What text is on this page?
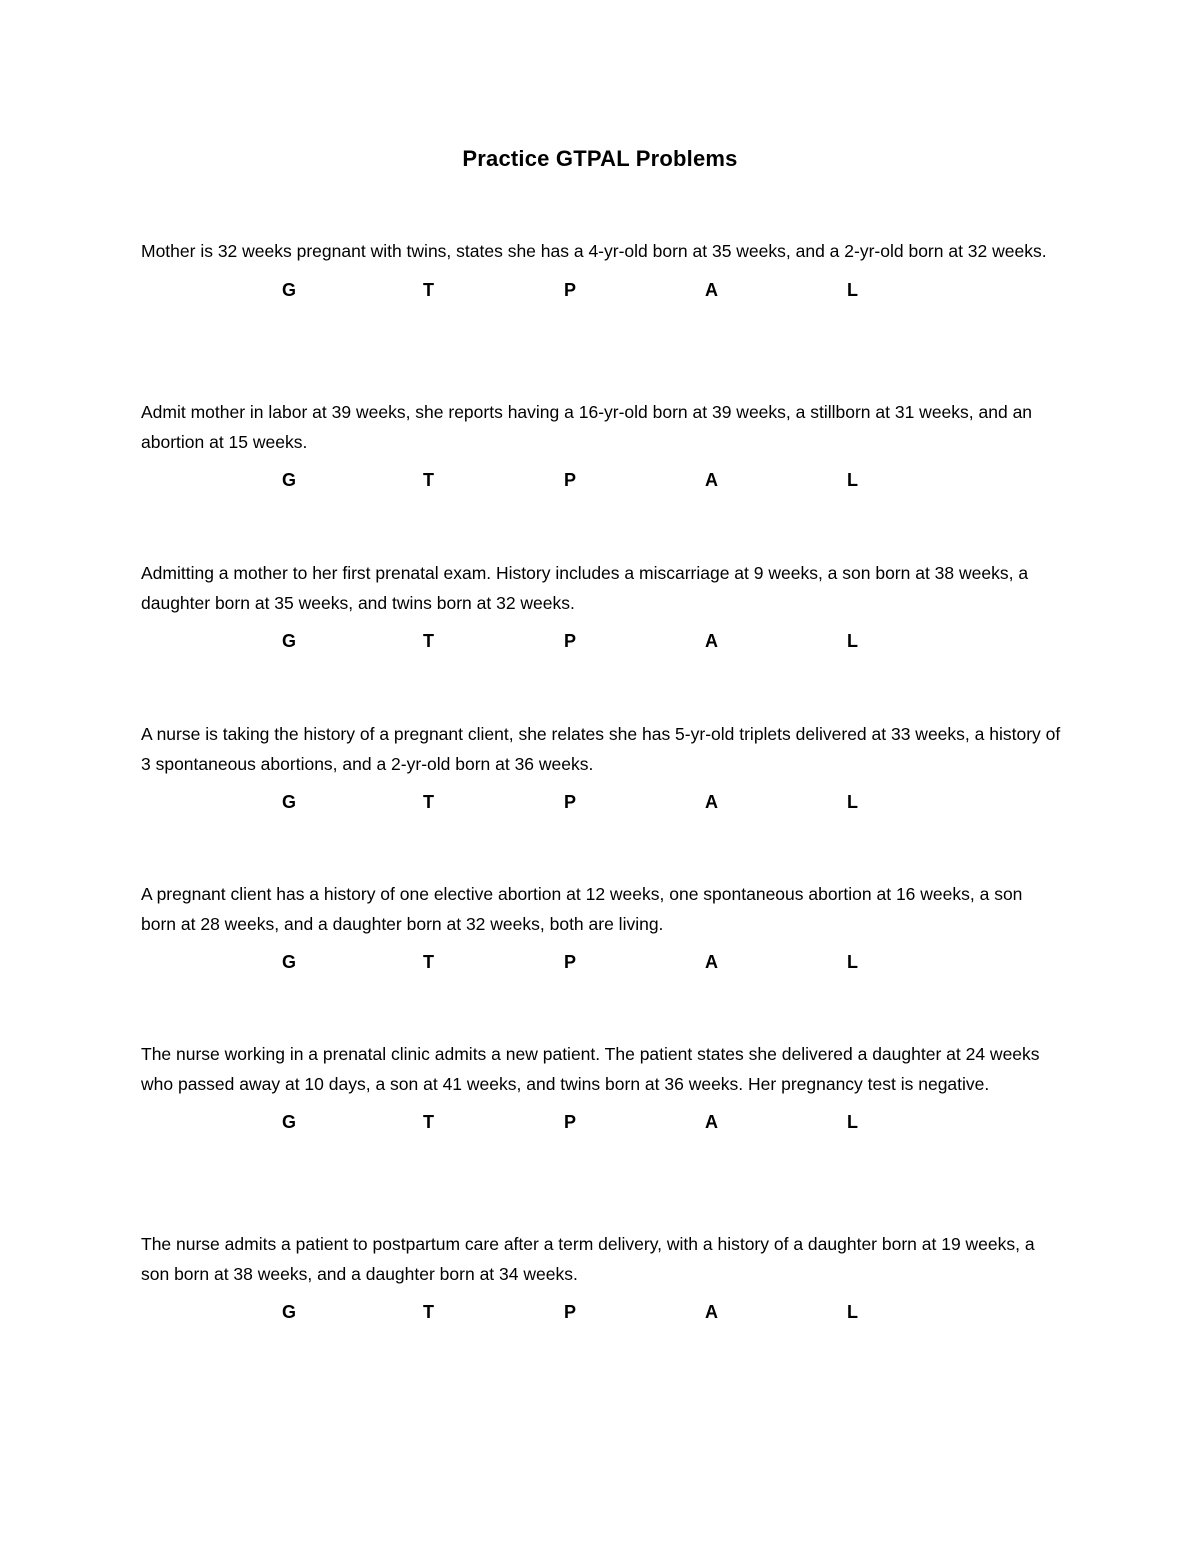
Practice GTPAL Problems

Mother is 32 weeks pregnant with twins, states she has a 4-yr-old born at 35 weeks, and a 2-yr-old born at 32 weeks.

G	T	P	A	L

Admit mother in labor at 39 weeks, she reports having a 16-yr-old born at 39 weeks, a stillborn at 31 weeks, and an abortion at 15 weeks.

G	T	P	A	L

Admitting a mother to her first prenatal exam. History includes a miscarriage at 9 weeks, a son born at 38 weeks, a daughter born at 35 weeks, and twins born at 32 weeks.

G	T	P	A	L

A nurse is taking the history of a pregnant client, she relates she has 5-yr-old triplets delivered at 33 weeks, a history of 3 spontaneous abortions, and a 2-yr-old born at 36 weeks.

G	T	P	A	L

A pregnant client has a history of one elective abortion at 12 weeks, one spontaneous abortion at 16 weeks, a son born at 28 weeks, and a daughter born at 32 weeks, both are living.

G	T	P	A	L

The nurse working in a prenatal clinic admits a new patient. The patient states she delivered a daughter at 24 weeks who passed away at 10 days, a son at 41 weeks, and twins born at 36 weeks. Her pregnancy test is negative.

G	T	P	A	L

The nurse admits a patient to postpartum care after a term delivery, with a history of a daughter born at 19 weeks, a son born at 38 weeks, and a daughter born at 34 weeks.

G	T	P	A	L
